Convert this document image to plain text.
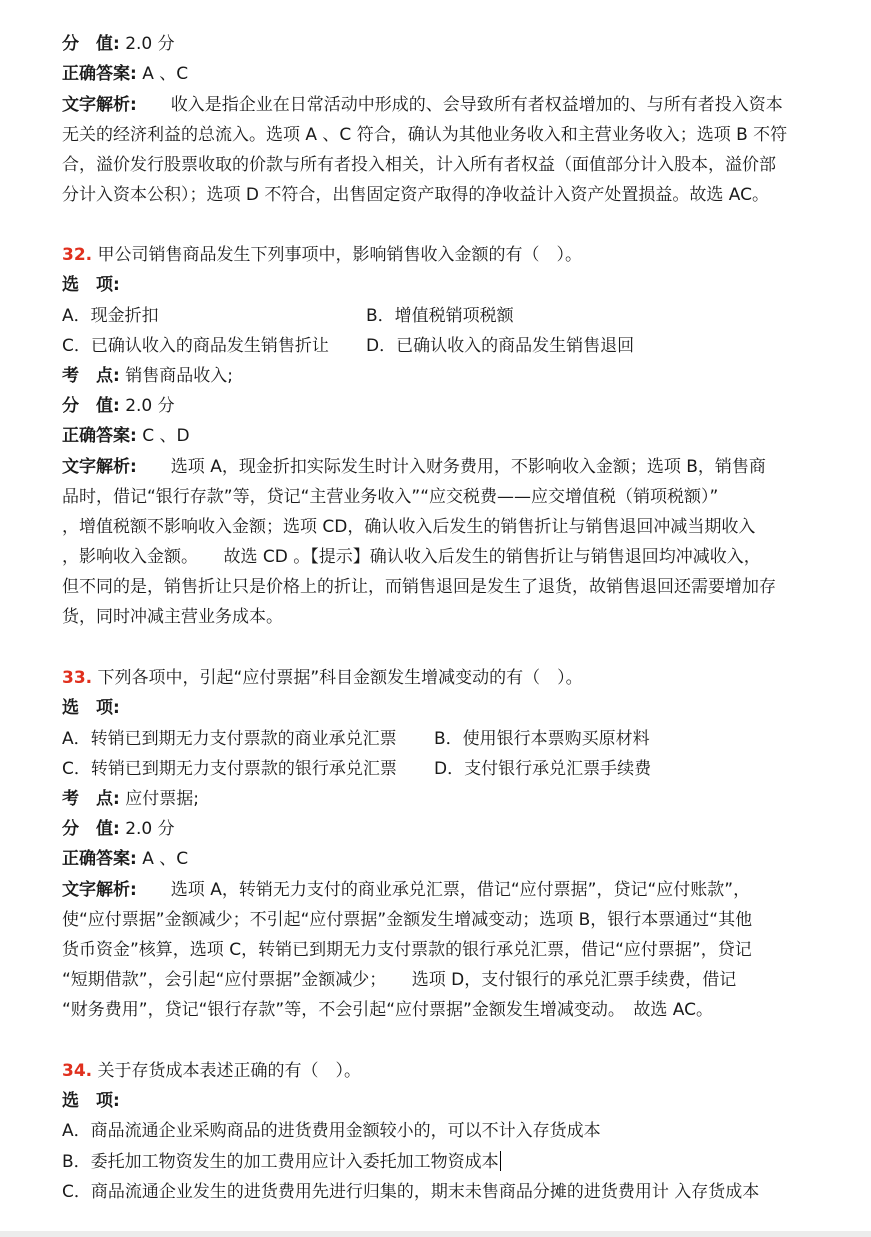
分　值: 2.0 分
正确答案: A 、C
文字解析:　　收入是指企业在日常活动中形成的、会导致所有者权益增加的、与所有者投入资本
无关的经济利益的总流入。选项 A 、C 符合，确认为其他业务收入和主营业务收入；选项 B 不符
合，溢价发行股票收取的价款与所有者投入相关，计入所有者权益（面值部分计入股本，溢价部
分计入资本公积）；选项 D 不符合，出售固定资产取得的净收益计入资产处置损益。故选 AC。
32. 甲公司销售商品发生下列事项中，影响销售收入金额的有（　）。
选　项:
A．现金折扣	B．增值税销项税额
C．已确认收入的商品发生销售折让 D．已确认收入的商品发生销售退回
考　点: 销售商品收入;
分　值: 2.0 分
正确答案: C 、D
文字解析:　　选项 A，现金折扣实际发生时计入财务费用，不影响收入金额；选项 B，销售商
品时，借记“银行存款”等，贷记“主营业务收入”“应交税费——应交增值税（销项税额）”
，增值税额不影响收入金额；选项 CD，确认收入后发生的销售折让与销售退回冲减当期收入
，影响收入金额。　　故选 CD 。【提示】确认收入后发生的销售折让与销售退回均冲减收入，
但不同的是，销售折让只是价格上的折让，而销售退回是发生了退货，故销售退回还需要增加存
货，同时冲减主营业务成本。
33. 下列各项中，引起“应付票据”科目金额发生增减变动的有（　）。
选　项:
A．转销已到期无力支付票款的商业承兑汇票 B．使用银行本票购买原材料
C．转销已到期无力支付票款的银行承兑汇票 D．支付银行承兑汇票手续费
考　点: 应付票据;
分　值: 2.0 分
正确答案: A 、C
文字解析:　　选项 A，转销无力支付的商业承兑汇票，借记“应付票据”，贷记“应付账款”，
使“应付票据”金额减少；不引起“应付票据”金额发生增减变动；选项 B，银行本票通过“其他
货币资金”核算，选项 C，转销已到期无力支付票款的银行承兑汇票，借记“应付票据”，贷记
“短期借款”，会引起“应付票据”金额减少；　　选项 D，支付银行的承兑汇票手续费，借记
“财务费用”，贷记“银行存款”等，不会引起“应付票据”金额发生增减变动。　故选 AC。
34. 关于存货成本表述正确的有（　）。
选　项:
A．商品流通企业采购商品的进货费用金额较小的，可以不计入存货成本
B．委托加工物资发生的加工费用应计入委托加工物资成本
C．商品流通企业发生的进货费用先进行归集的，期末未售商品分摊的进货费用计 入存货成本
